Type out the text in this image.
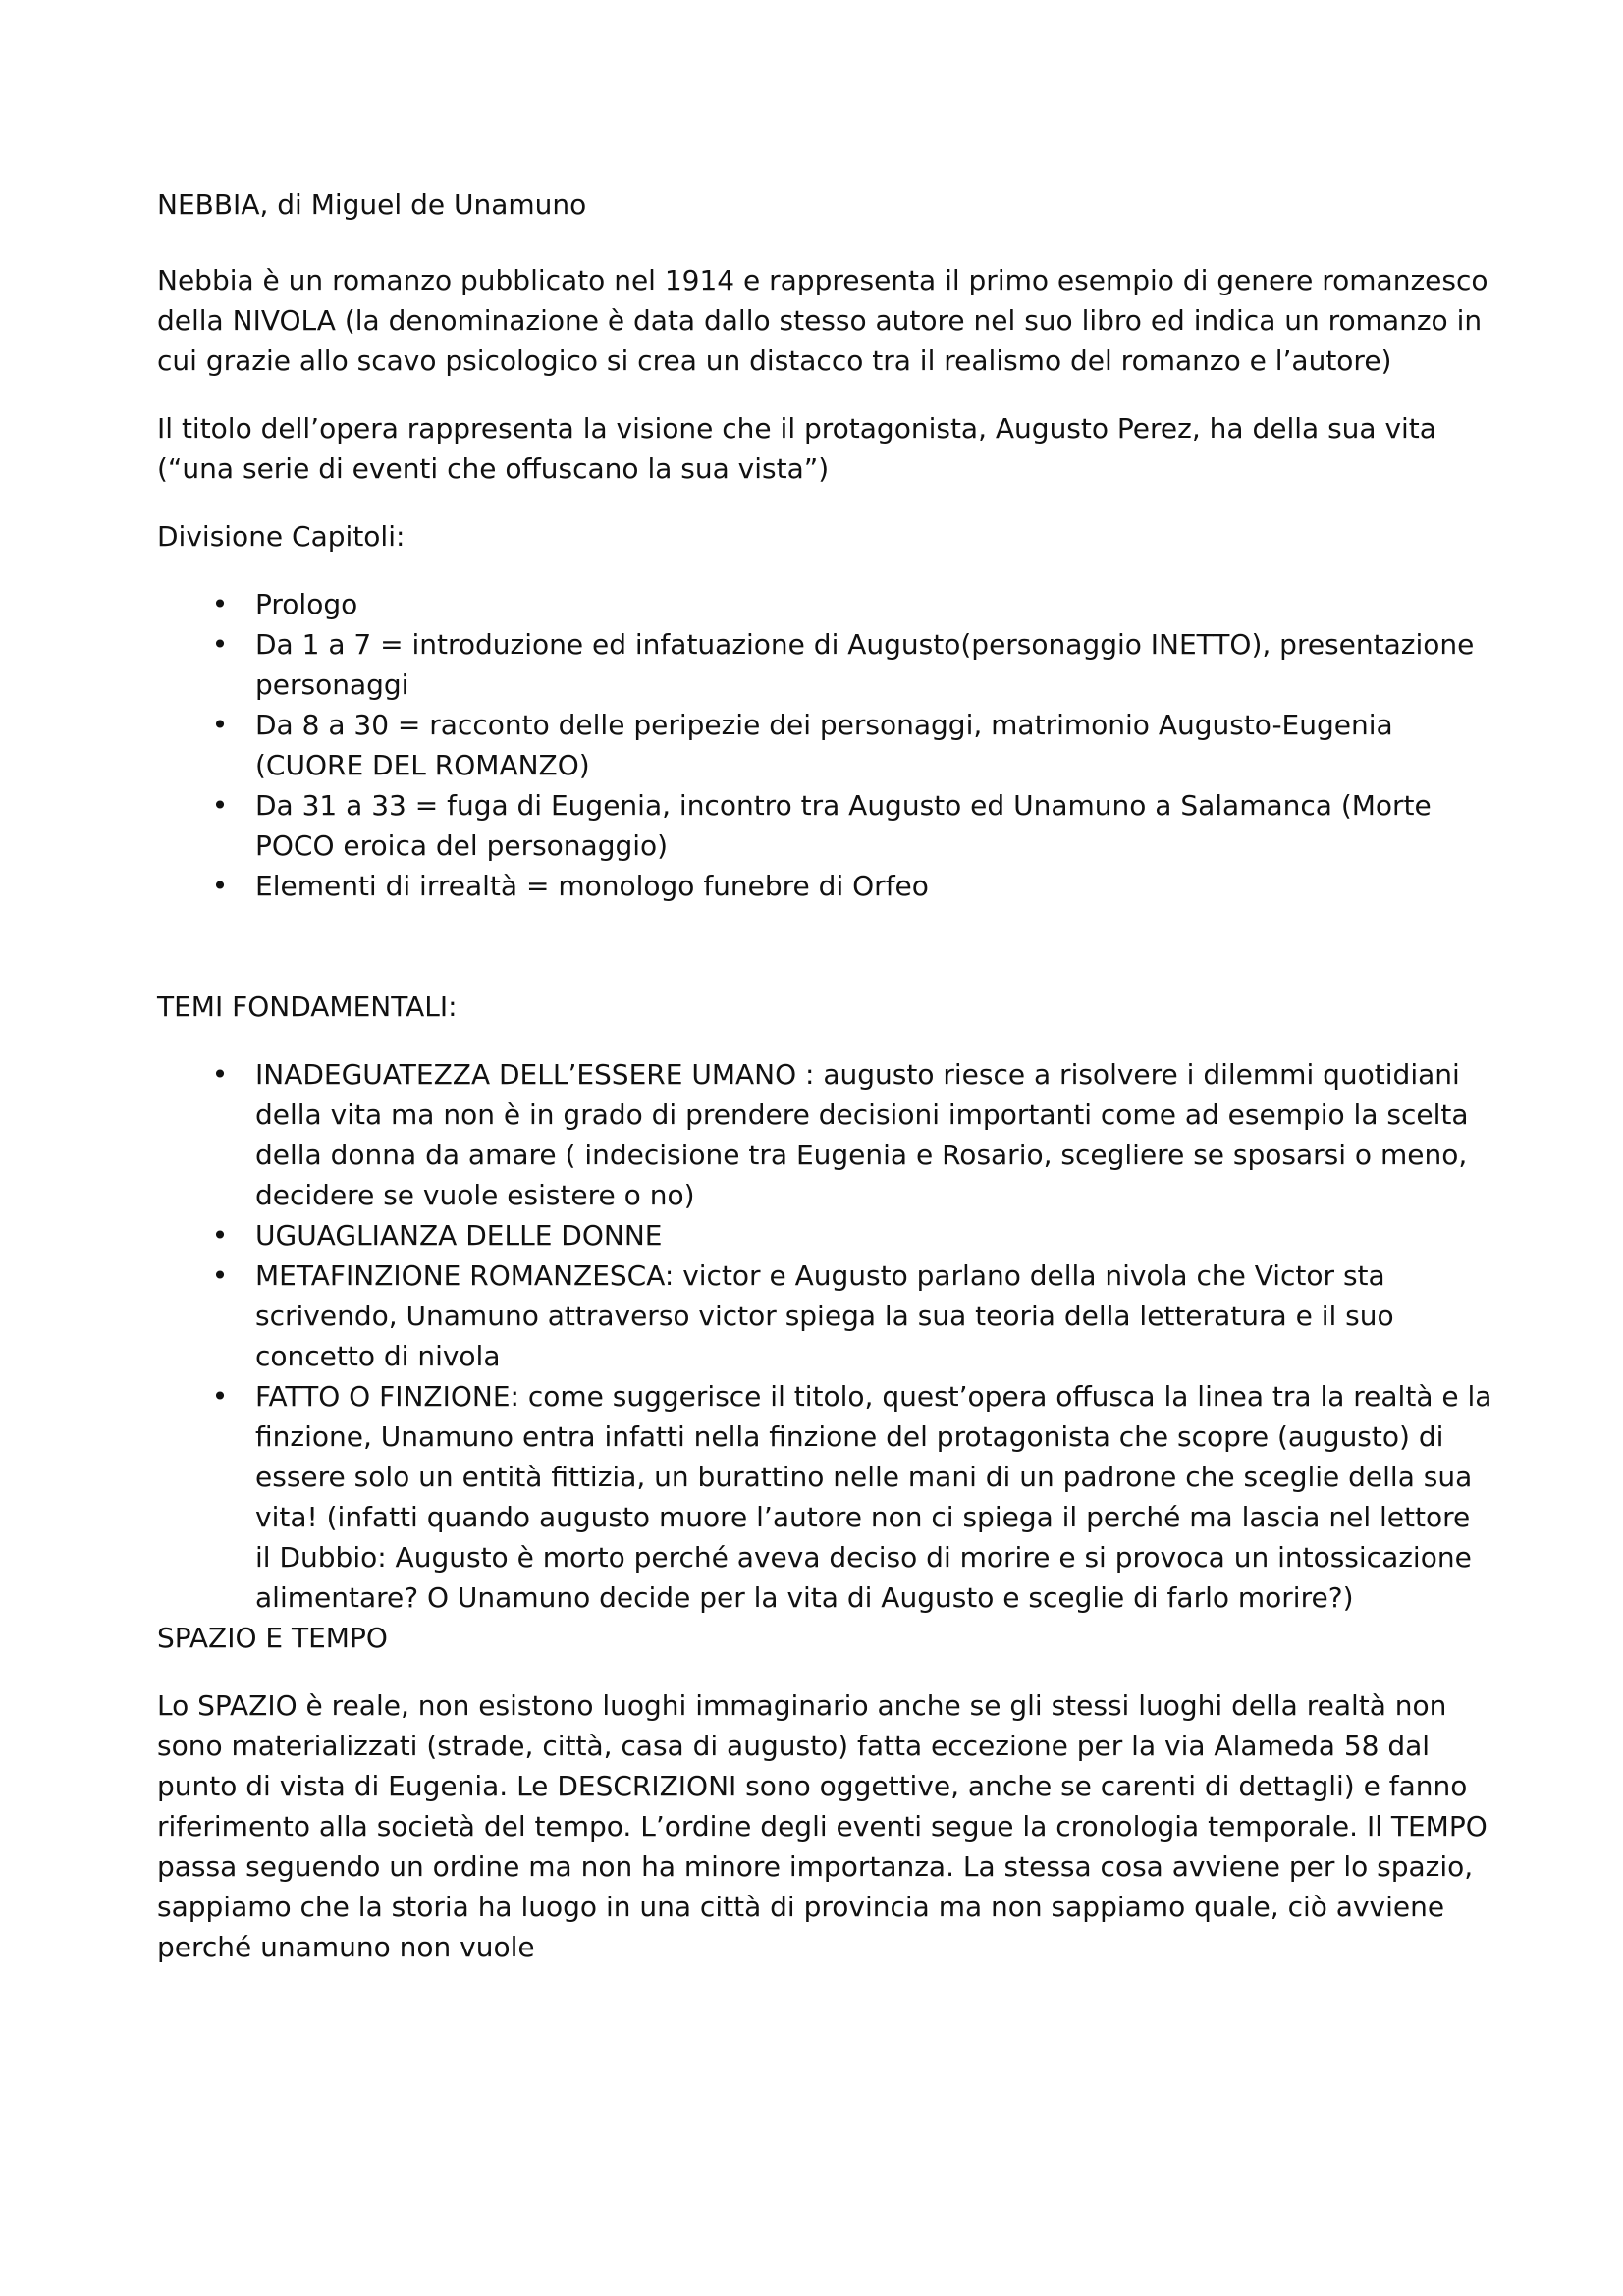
NEBBIA, di Miguel de Unamuno

Nebbia è un romanzo pubblicato nel 1914 e rappresenta il primo esempio di genere romanzesco della NIVOLA (la denominazione è data dallo stesso autore nel suo libro ed indica un romanzo in cui grazie allo scavo psicologico si crea un distacco tra il realismo del romanzo e l’autore)

Il titolo dell’opera rappresenta la visione che il protagonista, Augusto Perez, ha della sua vita (“una serie di eventi che offuscano la sua vista”)

Divisione Capitoli:
• Prologo
• Da 1 a 7 = introduzione ed infatuazione di Augusto(personaggio INETTO), presentazione personaggi
• Da 8 a 30 = racconto delle peripezie dei personaggi, matrimonio Augusto-Eugenia (CUORE DEL ROMANZO)
• Da 31 a 33 = fuga di Eugenia, incontro tra Augusto ed Unamuno a Salamanca (Morte POCO eroica del personaggio)
• Elementi di irrealtà = monologo funebre di Orfeo
TEMI FONDAMENTALI:
• INADEGUATEZZA DELL’ESSERE UMANO : augusto riesce a risolvere i dilemmi quotidiani della vita ma non è in grado di prendere decisioni importanti come ad esempio la scelta della donna da amare ( indecisione tra Eugenia e Rosario, scegliere se sposarsi o meno, decidere se vuole esistere o no)
• UGUAGLIANZA DELLE DONNE
• METAFINZIONE ROMANZESCA: victor e Augusto parlano della nivola che Victor sta scrivendo, Unamuno attraverso victor spiega la sua teoria della letteratura e il suo concetto di nivola
• FATTO O FINZIONE: come suggerisce il titolo, quest’opera offusca la linea tra la realtà e la finzione, Unamuno entra infatti nella finzione del protagonista che scopre (augusto) di essere solo un entità fittizia, un burattino nelle mani di un padrone che sceglie della sua vita! (infatti quando augusto muore l’autore non ci spiega il perché ma lascia nel lettore il Dubbio: Augusto è morto perché aveva deciso di morire e si provoca un intossicazione alimentare? O Unamuno decide per la vita di Augusto e sceglie di farlo morire?)
SPAZIO E TEMPO

Lo SPAZIO è reale, non esistono luoghi immaginario anche se gli stessi luoghi della realtà non sono materializzati (strade, città, casa di augusto) fatta eccezione per la via Alameda 58 dal punto di vista di Eugenia. Le DESCRIZIONI sono oggettive, anche se carenti di dettagli) e fanno riferimento alla società del tempo. L’ordine degli eventi segue la cronologia temporale. Il TEMPO passa seguendo un ordine ma non ha minore importanza. La stessa cosa avviene per lo spazio, sappiamo che la storia ha luogo in una città di provincia ma non sappiamo quale, ciò avviene perché unamuno non vuole
